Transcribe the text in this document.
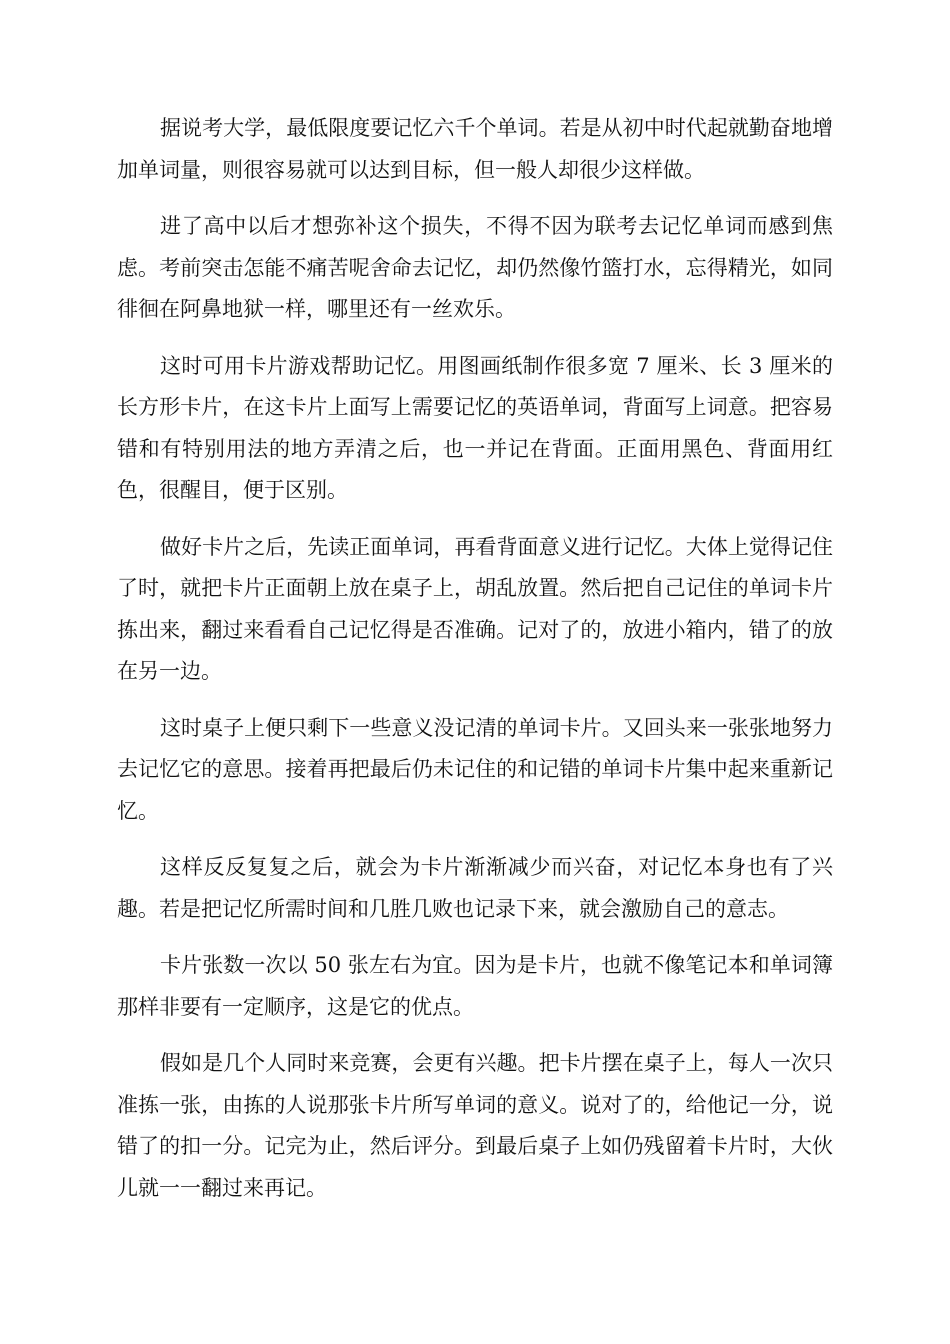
据说考大学，最低限度要记忆六千个单词。若是从初中时代起就勤奋地增加单词量，则很容易就可以达到目标，但一般人却很少这样做。

进了高中以后才想弥补这个损失，不得不因为联考去记忆单词而感到焦虑。考前突击怎能不痛苦呢舍命去记忆，却仍然像竹篮打水，忘得精光，如同徘徊在阿鼻地狱一样，哪里还有一丝欢乐。

这时可用卡片游戏帮助记忆。用图画纸制作很多宽 7 厘米、长 3 厘米的长方形卡片，在这卡片上面写上需要记忆的英语单词，背面写上词意。把容易错和有特别用法的地方弄清之后，也一并记在背面。正面用黑色、背面用红色，很醒目，便于区别。

做好卡片之后，先读正面单词，再看背面意义进行记忆。大体上觉得记住了时，就把卡片正面朝上放在桌子上，胡乱放置。然后把自己记住的单词卡片拣出来，翻过来看看自己记忆得是否准确。记对了的，放进小箱内，错了的放在另一边。

这时桌子上便只剩下一些意义没记清的单词卡片。又回头来一张张地努力去记忆它的意思。接着再把最后仍未记住的和记错的单词卡片集中起来重新记忆。

这样反反复复之后，就会为卡片渐渐减少而兴奋，对记忆本身也有了兴趣。若是把记忆所需时间和几胜几败也记录下来，就会激励自己的意志。

卡片张数一次以 50 张左右为宜。因为是卡片，也就不像笔记本和单词簿那样非要有一定顺序，这是它的优点。

假如是几个人同时来竞赛，会更有兴趣。把卡片摆在桌子上，每人一次只准拣一张，由拣的人说那张卡片所写单词的意义。说对了的，给他记一分，说错了的扣一分。记完为止，然后评分。到最后桌子上如仍残留着卡片时，大伙儿就一一翻过来再记。
